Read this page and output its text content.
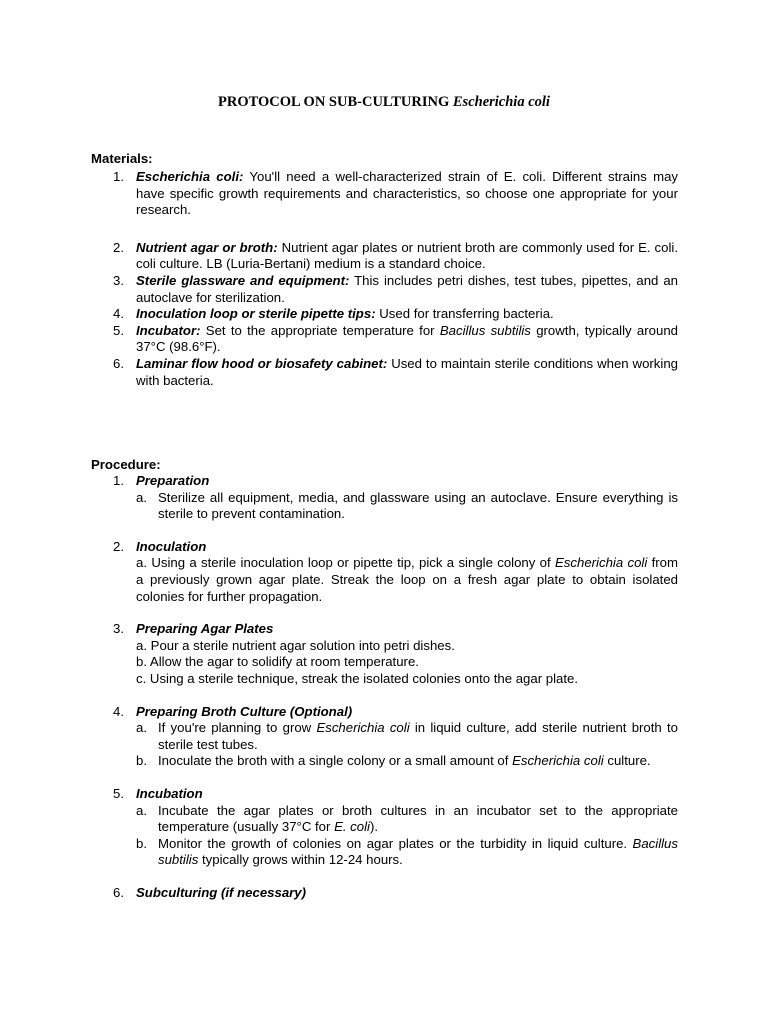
PROTOCOL ON SUB-CULTURING Escherichia coli
Materials:
1. Escherichia coli: You'll need a well-characterized strain of E. coli. Different strains may have specific growth requirements and characteristics, so choose one appropriate for your research.
2. Nutrient agar or broth: Nutrient agar plates or nutrient broth are commonly used for E. coli. coli culture. LB (Luria-Bertani) medium is a standard choice.
3. Sterile glassware and equipment: This includes petri dishes, test tubes, pipettes, and an autoclave for sterilization.
4. Inoculation loop or sterile pipette tips: Used for transferring bacteria.
5. Incubator: Set to the appropriate temperature for Bacillus subtilis growth, typically around 37°C (98.6°F).
6. Laminar flow hood or biosafety cabinet: Used to maintain sterile conditions when working with bacteria.
Procedure:
1. Preparation
a. Sterilize all equipment, media, and glassware using an autoclave. Ensure everything is sterile to prevent contamination.
2. Inoculation
a. Using a sterile inoculation loop or pipette tip, pick a single colony of Escherichia coli from a previously grown agar plate. Streak the loop on a fresh agar plate to obtain isolated colonies for further propagation.
3. Preparing Agar Plates
a. Pour a sterile nutrient agar solution into petri dishes.
b. Allow the agar to solidify at room temperature.
c. Using a sterile technique, streak the isolated colonies onto the agar plate.
4. Preparing Broth Culture (Optional)
a. If you're planning to grow Escherichia coli in liquid culture, add sterile nutrient broth to sterile test tubes.
b. Inoculate the broth with a single colony or a small amount of Escherichia coli culture.
5. Incubation
a. Incubate the agar plates or broth cultures in an incubator set to the appropriate temperature (usually 37°C for E. coli).
b. Monitor the growth of colonies on agar plates or the turbidity in liquid culture. Bacillus subtilis typically grows within 12-24 hours.
6. Subculturing (if necessary)
